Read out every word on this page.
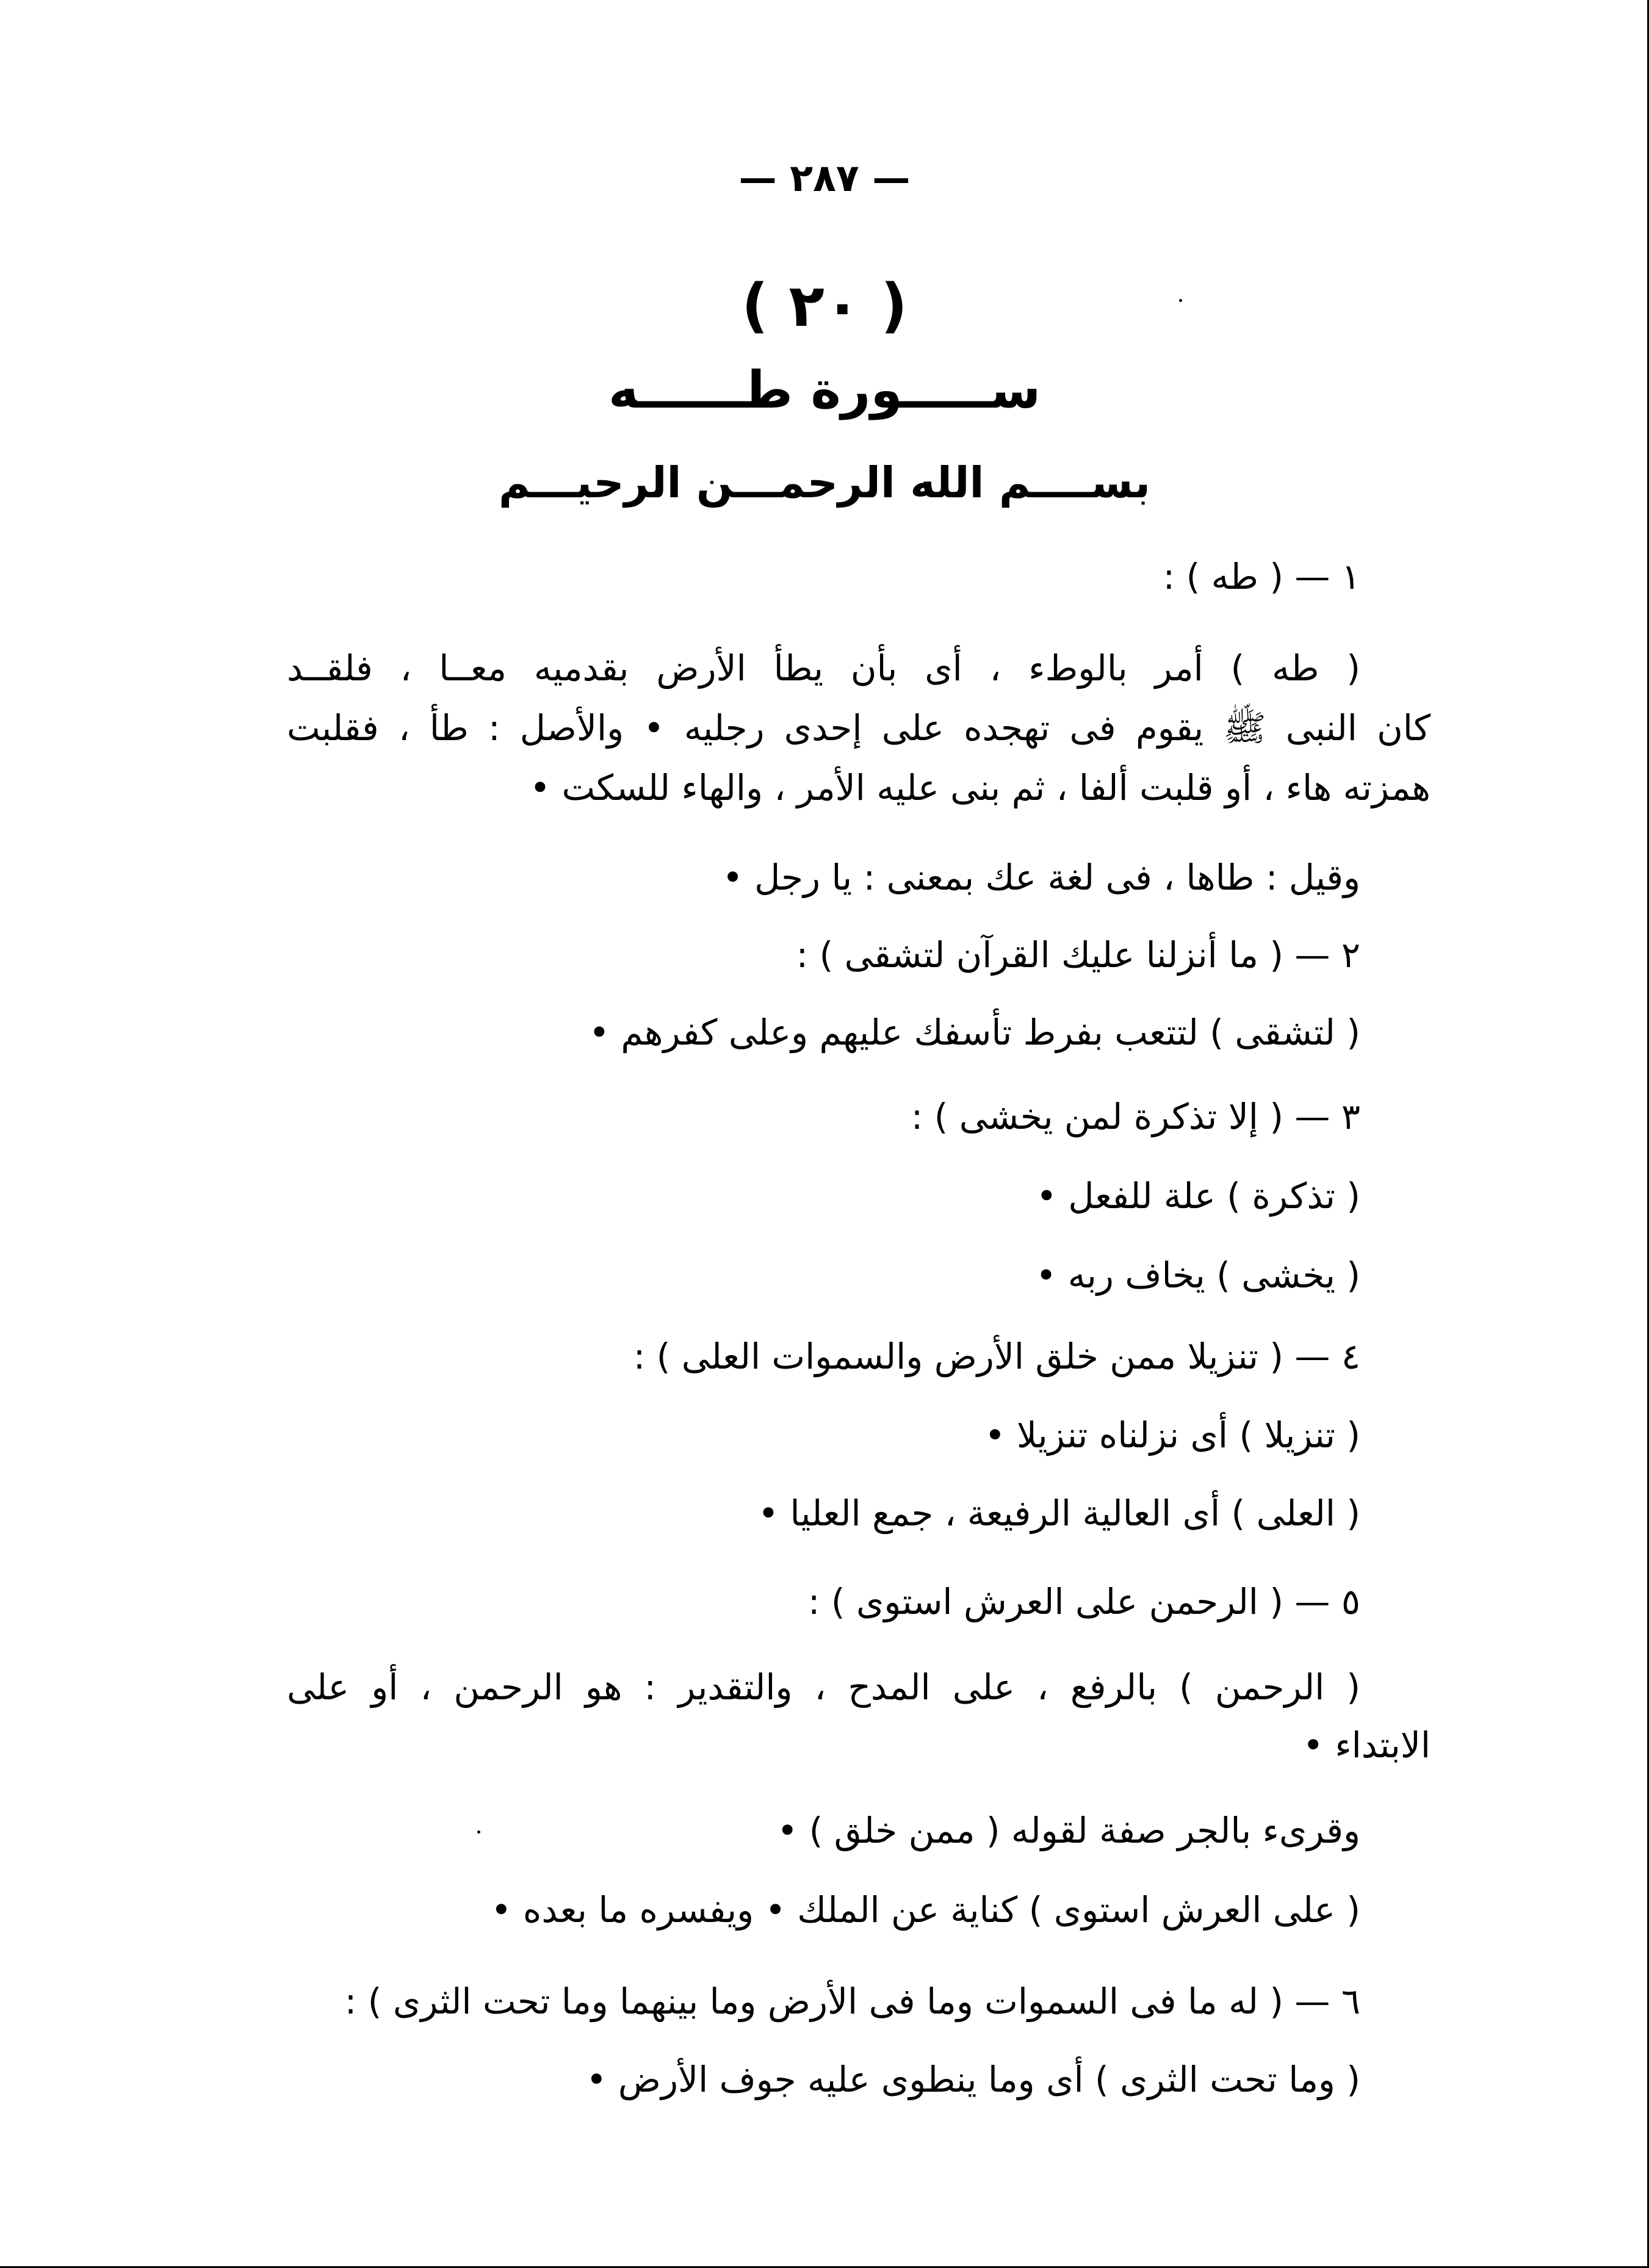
— ٢٨٧ —
( ٢٠ )
ســـــورة طــــــه
بســــم الله الرحمـــن الرحيـــم
١ — ( طه ) :
( طه ) أمر بالوطء ، أى بأن يطأ الأرض بقدميه معــا ، فلقــد
كان النبى ﷺ يقوم فى تهجده على إحدى رجليه • والأصل : طأ ، فقلبت
همزته هاء ، أو قلبت ألفا ، ثم بنى عليه الأمر ، والهاء للسكت •
وقيل : طاها ، فى لغة عك بمعنى : يا رجل •
٢ — ( ما أنزلنا عليك القرآن لتشقى ) :
( لتشقى ) لتتعب بفرط تأسفك عليهم وعلى كفرهم •
٣ — ( إلا تذكرة لمن يخشى ) :
( تذكرة ) علة للفعل •
( يخشى ) يخاف ربه •
٤ — ( تنزيلا ممن خلق الأرض والسموات العلى ) :
( تنزيلا ) أى نزلناه تنزيلا •
( العلى ) أى العالية الرفيعة ، جمع العليا •
٥ — ( الرحمن على العرش استوى ) :
( الرحمن ) بالرفع ، على المدح ، والتقدير : هو الرحمن ، أو على
الابتداء •
وقرىء بالجر صفة لقوله ( ممن خلق ) •
( على العرش استوى ) كناية عن الملك • ويفسره ما بعده •
٦ — ( له ما فى السموات وما فى الأرض وما بينهما وما تحت الثرى ) :
( وما تحت الثرى ) أى وما ينطوى عليه جوف الأرض •
